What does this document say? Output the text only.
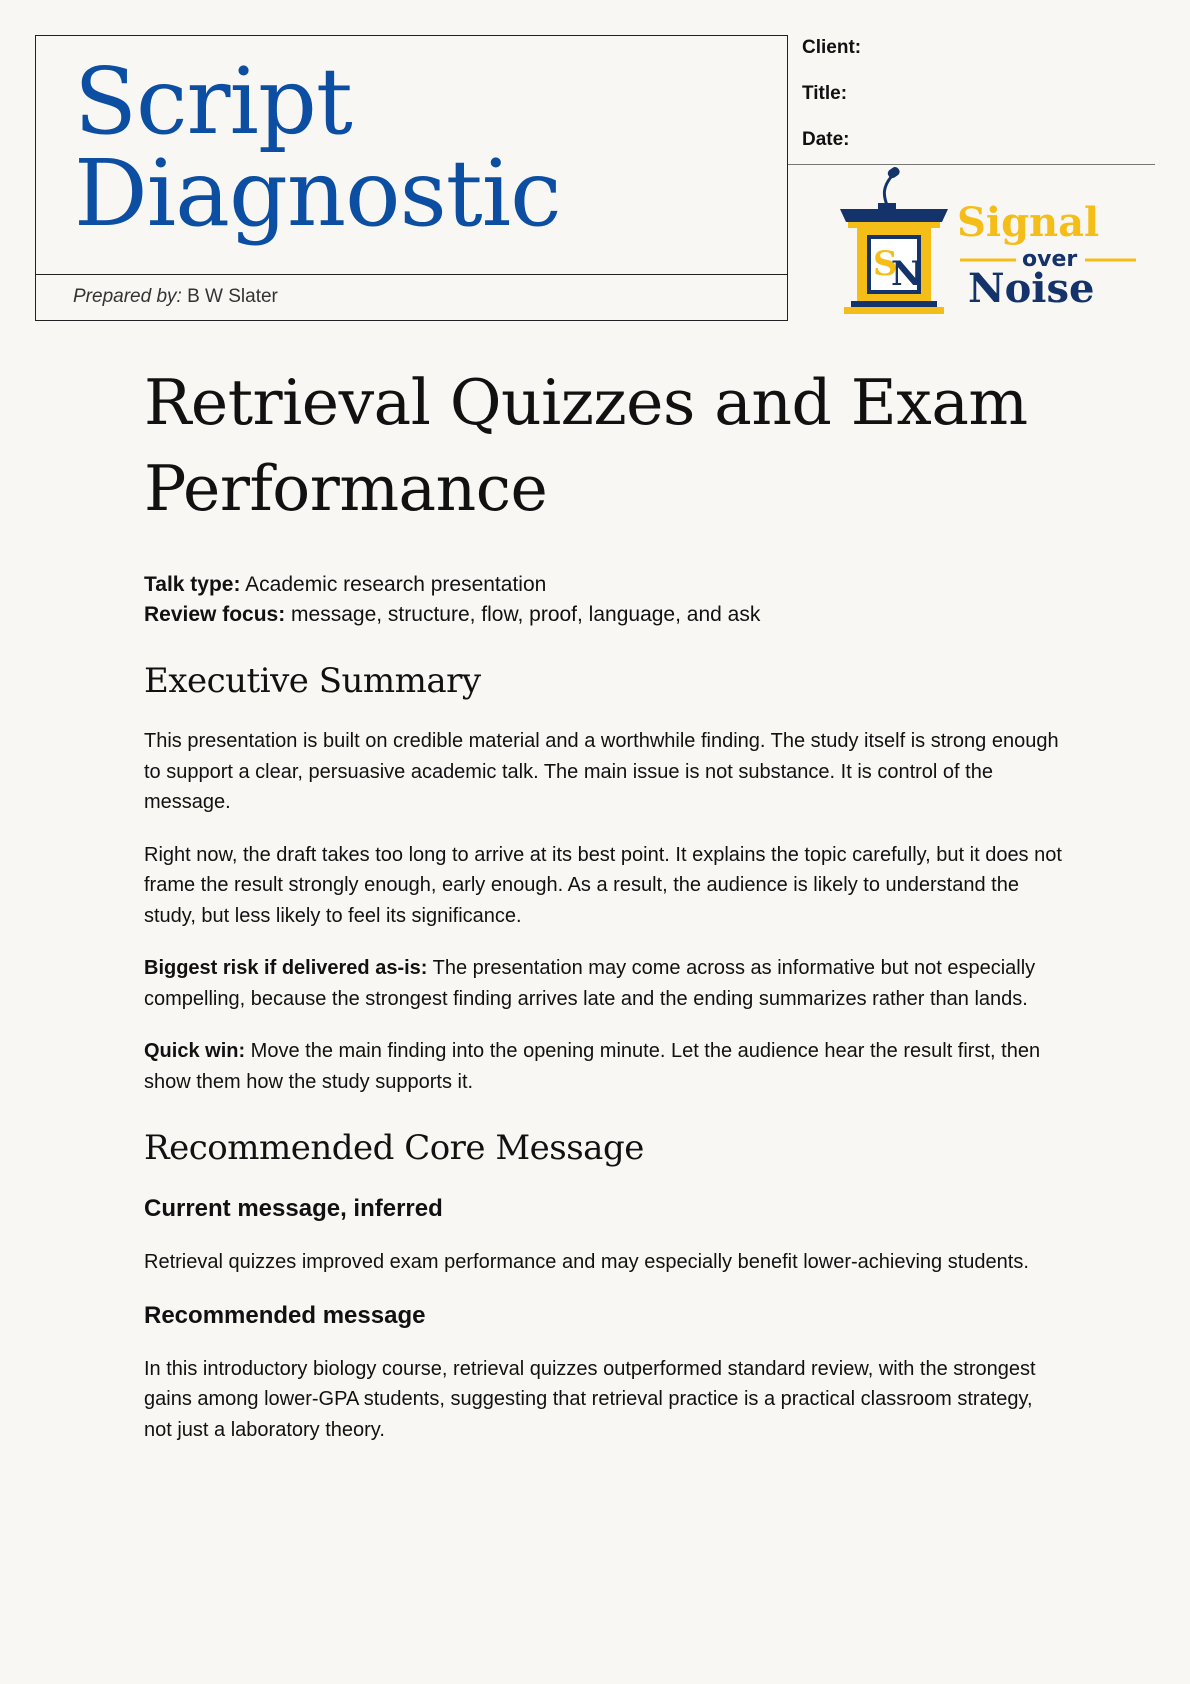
Script
Diagnostic
Prepared by: B W Slater
Client:
Title:
Date:
S
N
Signal
over
Noise
Retrieval Quizzes and Exam Performance
Talk type: Academic research presentation
Review focus: message, structure, flow, proof, language, and ask
Executive Summary

This presentation is built on credible material and a worthwhile finding. The study itself is strong enough to support a clear, persuasive academic talk. The main issue is not substance. It is control of the message.

Right now, the draft takes too long to arrive at its best point. It explains the topic carefully, but it does not frame the result strongly enough, early enough. As a result, the audience is likely to understand the study, but less likely to feel its significance.

Biggest risk if delivered as-is: The presentation may come across as informative but not especially compelling, because the strongest finding arrives late and the ending summarizes rather than lands.

Quick win: Move the main finding into the opening minute. Let the audience hear the result first, then show them how the study supports it.

Recommended Core Message
Current message, inferred

Retrieval quizzes improved exam performance and may especially benefit lower-achieving students.

Recommended message

In this introductory biology course, retrieval quizzes outperformed standard review, with the strongest gains among lower-GPA students, suggesting that retrieval practice is a practical classroom strategy, not just a laboratory theory.
